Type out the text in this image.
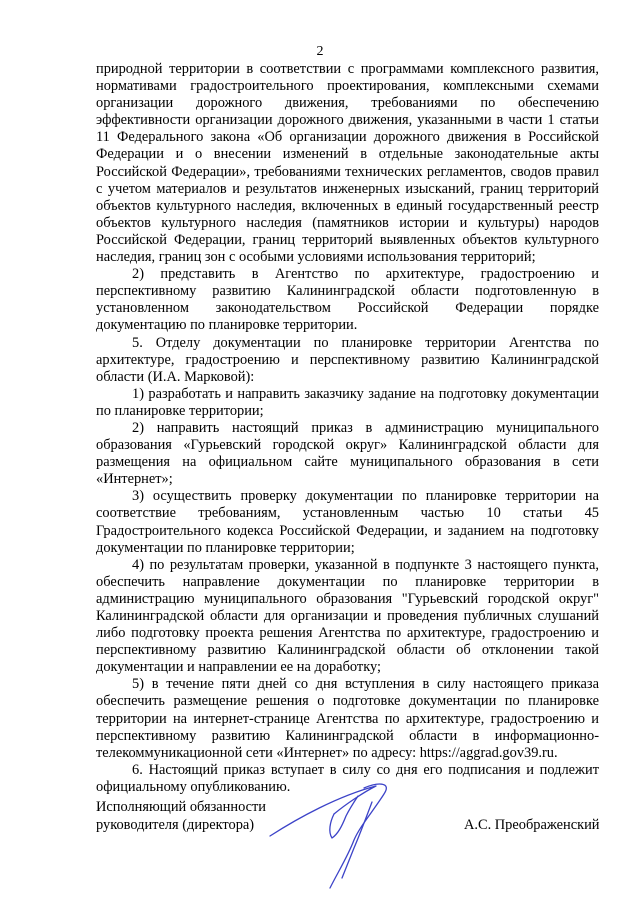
2

природной территории в соответствии с программами комплексного развития, нормативами градостроительного проектирования, комплексными схемами организации дорожного движения, требованиями по обеспечению эффективности организации дорожного движения, указанными в части 1 статьи 11 Федерального закона «Об организации дорожного движения в Российской Федерации и о внесении изменений в отдельные законодательные акты Российской Федерации», требованиями технических регламентов, сводов правил с учетом материалов и результатов инженерных изысканий, границ территорий объектов культурного наследия, включенных в единый государственный реестр объектов культурного наследия (памятников истории и культуры) народов Российской Федерации, границ территорий выявленных объектов культурного наследия, границ зон с особыми условиями использования территорий;

2) представить в Агентство по архитектуре, градостроению и перспективному развитию Калининградской области подготовленную в установленном законодательством Российской Федерации порядке документацию по планировке территории.

5. Отделу документации по планировке территории Агентства по архитектуре, градостроению и перспективному развитию Калининградской области (И.А. Марковой):

1) разработать и направить заказчику задание на подготовку документации по планировке территории;

2) направить настоящий приказ в администрацию муниципального образования «Гурьевский городской округ» Калининградской области для размещения на официальном сайте муниципального образования в сети «Интернет»;

3) осуществить проверку документации по планировке территории на соответствие требованиям, установленным частью 10 статьи 45 Градостроительного кодекса Российской Федерации, и заданием на подготовку документации по планировке территории;

4) по результатам проверки, указанной в подпункте 3 настоящего пункта, обеспечить направление документации по планировке территории в администрацию муниципального образования "Гурьевский городской округ" Калининградской области для организации и проведения публичных слушаний либо подготовку проекта решения Агентства по архитектуре, градостроению и перспективному развитию Калининградской области об отклонении такой документации и направлении ее на доработку;

5) в течение пяти дней со дня вступления в силу настоящего приказа обеспечить размещение решения о подготовке документации по планировке территории на интернет-странице Агентства по архитектуре, градостроению и перспективному развитию Калининградской области в информационно-телекоммуникационной сети «Интернет» по адресу: https://aggrad.gov39.ru.

6. Настоящий приказ вступает в силу со дня его подписания и подлежит официальному опубликованию.

Исполняющий обязанности
руководителя (директора)	А.С. Преображенский
